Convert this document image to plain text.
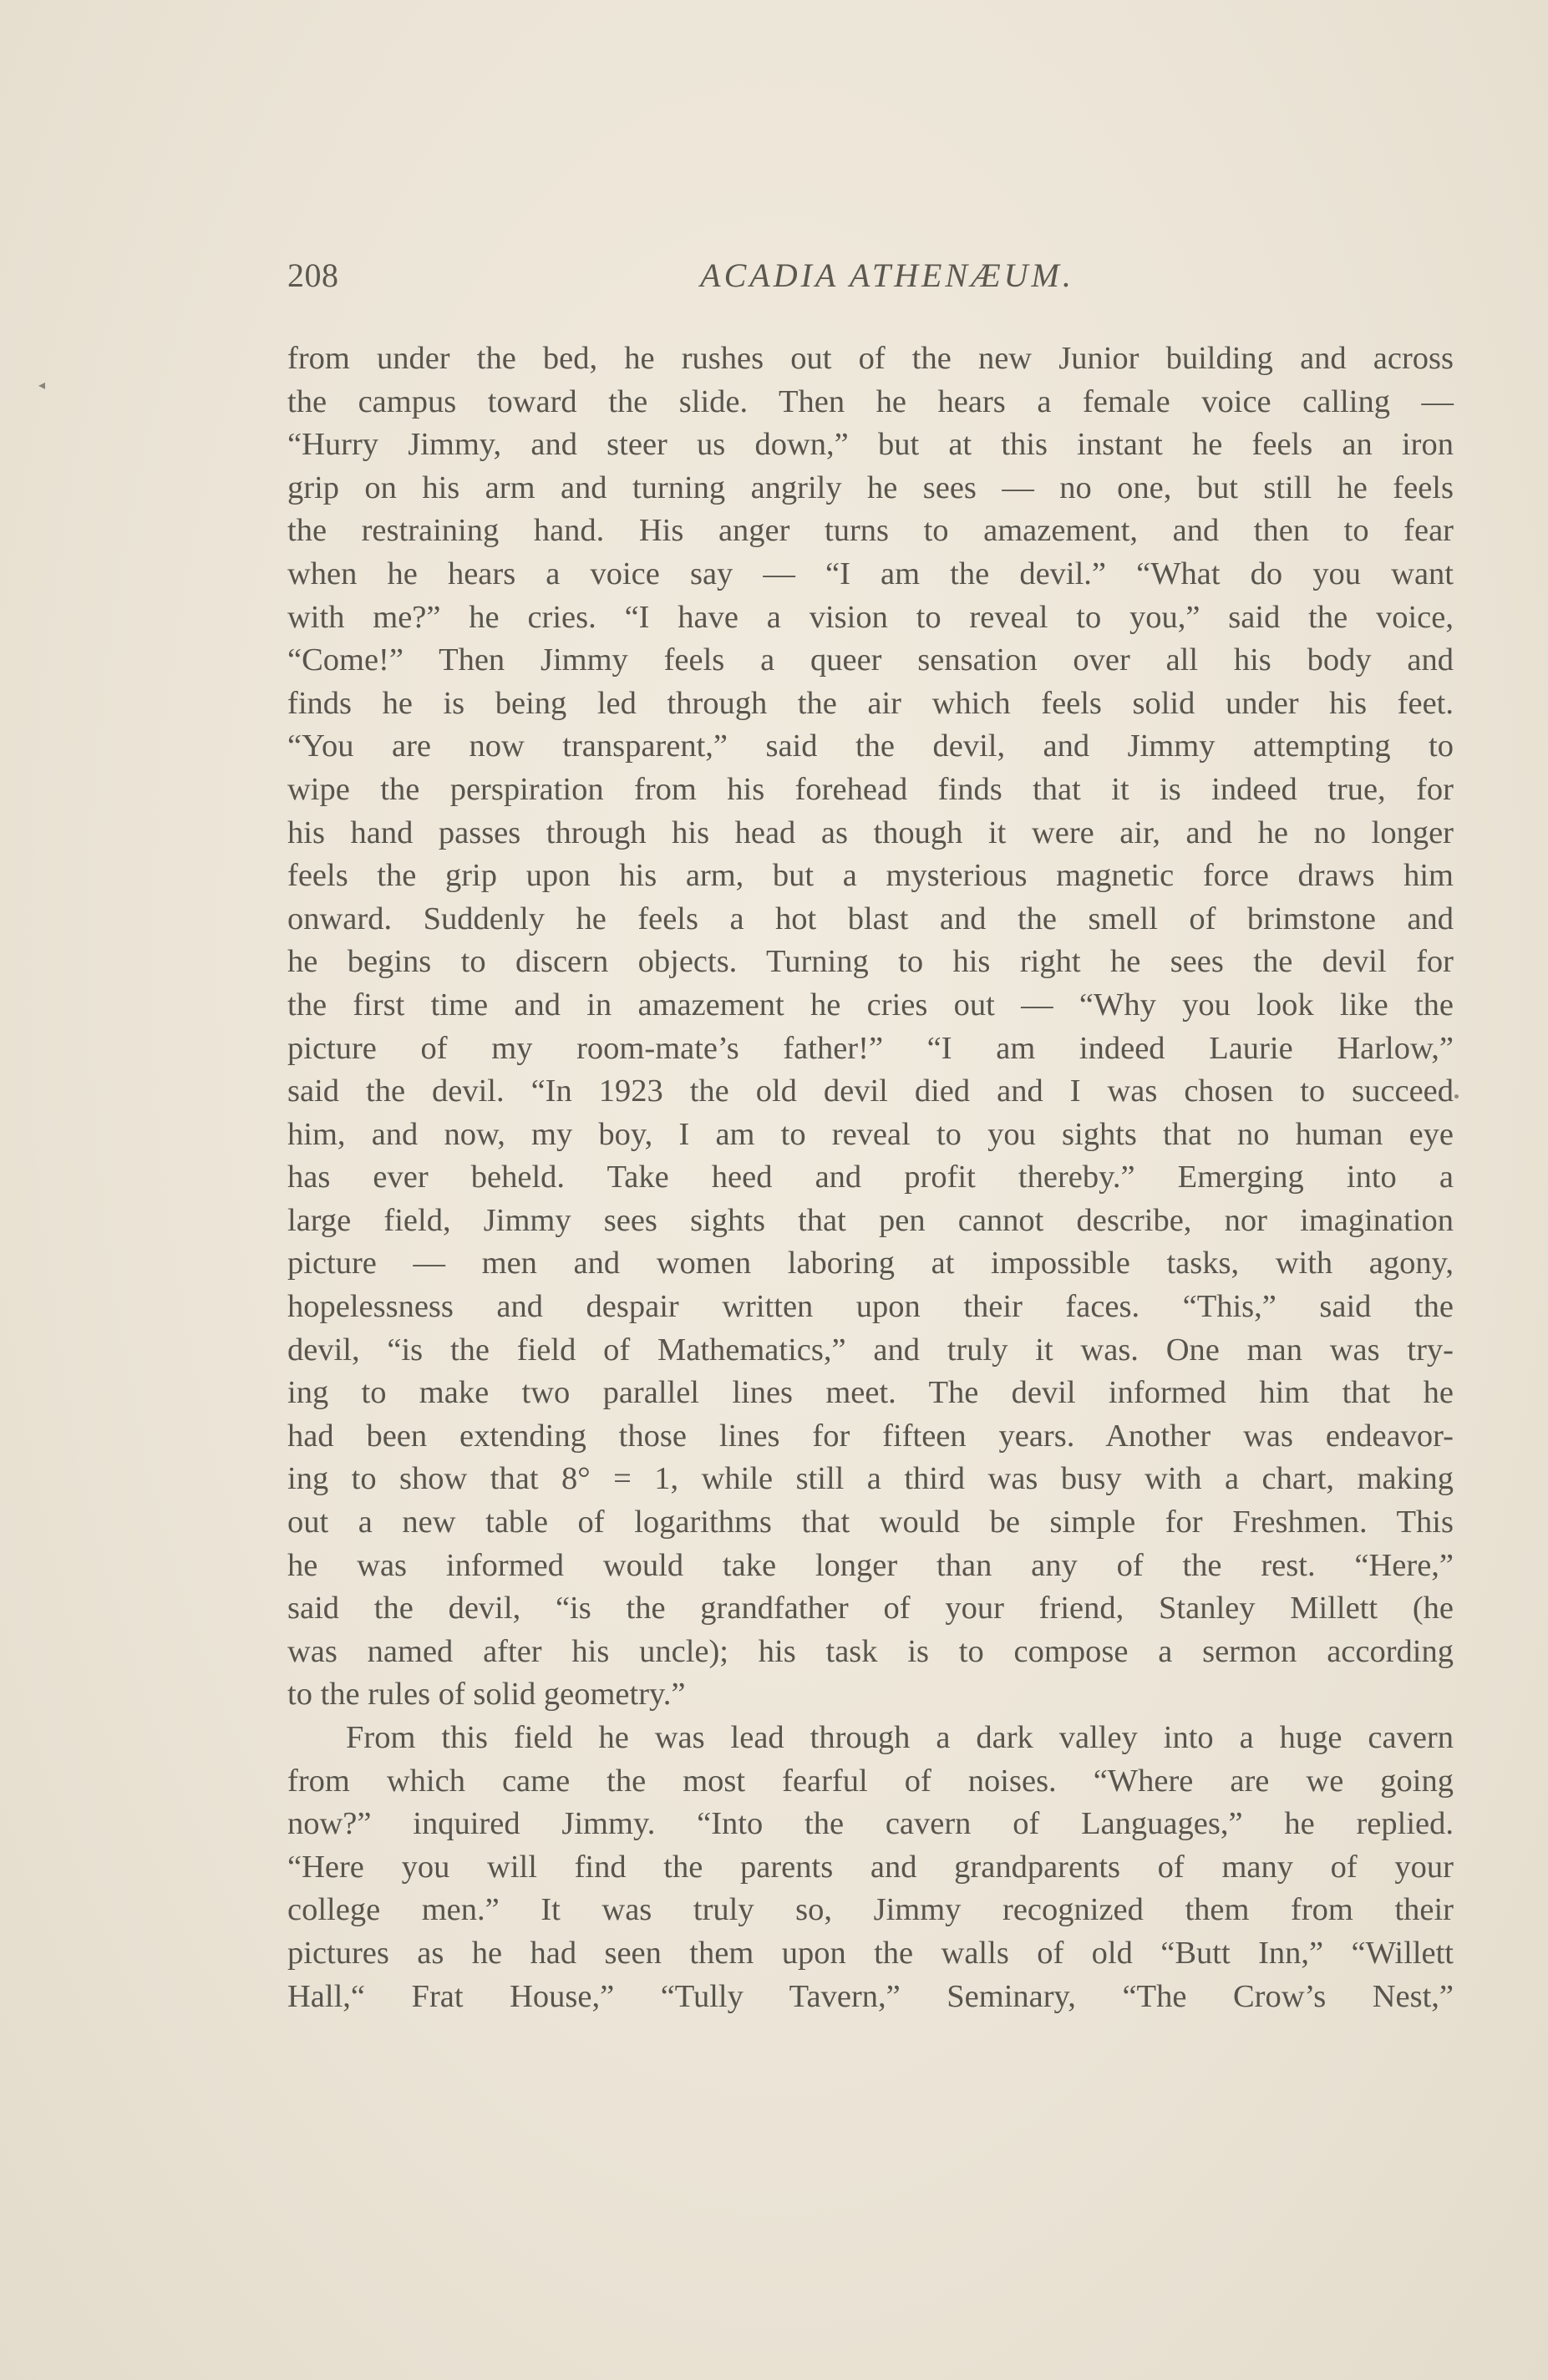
◂
208	ACADIA ATHENÆUM.
from under the bed, he rushes out of the new Junior building and across
the campus toward the slide. Then he hears a female voice calling —
“Hurry Jimmy, and steer us down,” but at this instant he feels an iron
grip on his arm and turning angrily he sees — no one, but still he feels
the restraining hand. His anger turns to amazement, and then to fear
when he hears a voice say — “I am the devil.” “What do you want
with me?” he cries. “I have a vision to reveal to you,” said the voice,
“Come!” Then Jimmy feels a queer sensation over all his body and
finds he is being led through the air which feels solid under his feet.
“You are now transparent,” said the devil, and Jimmy attempting to
wipe the perspiration from his forehead finds that it is indeed true, for
his hand passes through his head as though it were air, and he no longer
feels the grip upon his arm, but a mysterious magnetic force draws him
onward. Suddenly he feels a hot blast and the smell of brimstone and
he begins to discern objects. Turning to his right he sees the devil for
the first time and in amazement he cries out — “Why you look like the
picture of my room-mate’s father!” “I am indeed Laurie Harlow,”
said the devil. “In 1923 the old devil died and I was chosen to succeed
him, and now, my boy, I am to reveal to you sights that no human eye
has ever beheld. Take heed and profit thereby.” Emerging into a
large field, Jimmy sees sights that pen cannot describe, nor imagination
picture — men and women laboring at impossible tasks, with agony,
hopelessness and despair written upon their faces. “This,” said the
devil, “is the field of Mathematics,” and truly it was. One man was try-
ing to make two parallel lines meet. The devil informed him that he
had been extending those lines for fifteen years. Another was endeavor-
ing to show that 8° = 1, while still a third was busy with a chart, making
out a new table of logarithms that would be simple for Freshmen. This
he was informed would take longer than any of the rest. “Here,”
said the devil, “is the grandfather of your friend, Stanley Millett (he
was named after his uncle); his task is to compose a sermon according
to the rules of solid geometry.”
From this field he was lead through a dark valley into a huge cavern
from which came the most fearful of noises. “Where are we going
now?” inquired Jimmy. “Into the cavern of Languages,” he replied.
“Here you will find the parents and grandparents of many of your
college men.” It was truly so, Jimmy recognized them from their
pictures as he had seen them upon the walls of old “Butt Inn,” “Willett
Hall,“ Frat House,” “Tully Tavern,” Seminary, “The Crow’s Nest,”
